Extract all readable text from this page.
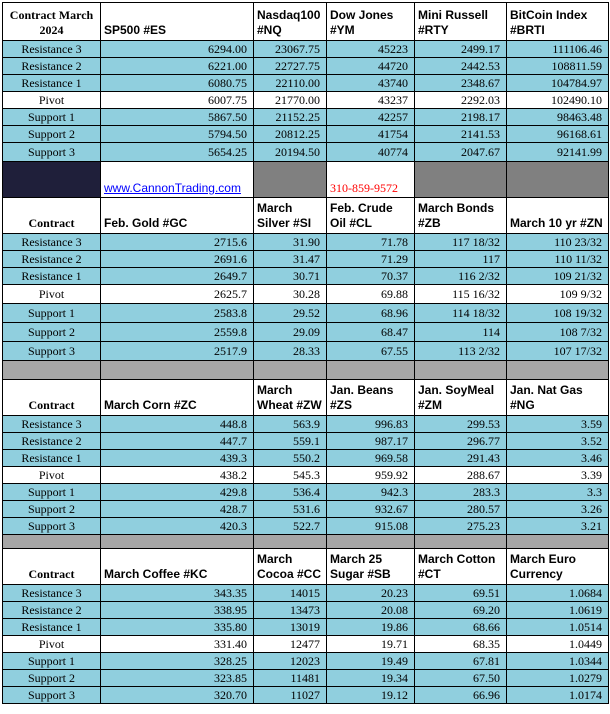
Contract March 2024	SP500 #ES	Nasdaq100 #NQ	Dow Jones #YM	Mini Russell #RTY	BitCoin Index #BRTI
Resistance 3	6294.00	23067.75	45223	2499.17	111106.46
Resistance 2	6221.00	22727.75	44720	2442.53	108811.59
Resistance 1	6080.75	22110.00	43740	2348.67	104784.97
Pivot	6007.75	21770.00	43237	2292.03	102490.10
Support 1	5867.50	21152.25	42257	2198.17	98463.48
Support 2	5794.50	20812.25	41754	2141.53	96168.61
Support 3	5654.25	20194.50	40774	2047.67	92141.99
	www.CannonTrading.com		310-859-9572		
Contract	Feb. Gold #GC	March Silver #SI	Feb. Crude Oil #CL	March Bonds #ZB	March 10 yr #ZN
Resistance 3	2715.6	31.90	71.78	117 18/32	110 23/32
Resistance 2	2691.6	31.47	71.29	117	110 11/32
Resistance 1	2649.7	30.71	70.37	116 2/32	109 21/32
Pivot	2625.7	30.28	69.88	115 16/32	109 9/32
Support 1	2583.8	29.52	68.96	114 18/32	108 19/32
Support 2	2559.8	29.09	68.47	114	108 7/32
Support 3	2517.9	28.33	67.55	113 2/32	107 17/32

Contract	March Corn #ZC	March Wheat #ZW	Jan. Beans #ZS	Jan. SoyMeal #ZM	Jan. Nat Gas #NG
Resistance 3	448.8	563.9	996.83	299.53	3.59
Resistance 2	447.7	559.1	987.17	296.77	3.52
Resistance 1	439.3	550.2	969.58	291.43	3.46
Pivot	438.2	545.3	959.92	288.67	3.39
Support 1	429.8	536.4	942.3	283.3	3.3
Support 2	428.7	531.6	932.67	280.57	3.26
Support 3	420.3	522.7	915.08	275.23	3.21

Contract	March Coffee #KC	March Cocoa #CC	March 25 Sugar #SB	March Cotton #CT	March Euro Currency
Resistance 3	343.35	14015	20.23	69.51	1.0684
Resistance 2	338.95	13473	20.08	69.20	1.0619
Resistance 1	335.80	13019	19.86	68.66	1.0514
Pivot	331.40	12477	19.71	68.35	1.0449
Support 1	328.25	12023	19.49	67.81	1.0344
Support 2	323.85	11481	19.34	67.50	1.0279
Support 3	320.70	11027	19.12	66.96	1.0174
